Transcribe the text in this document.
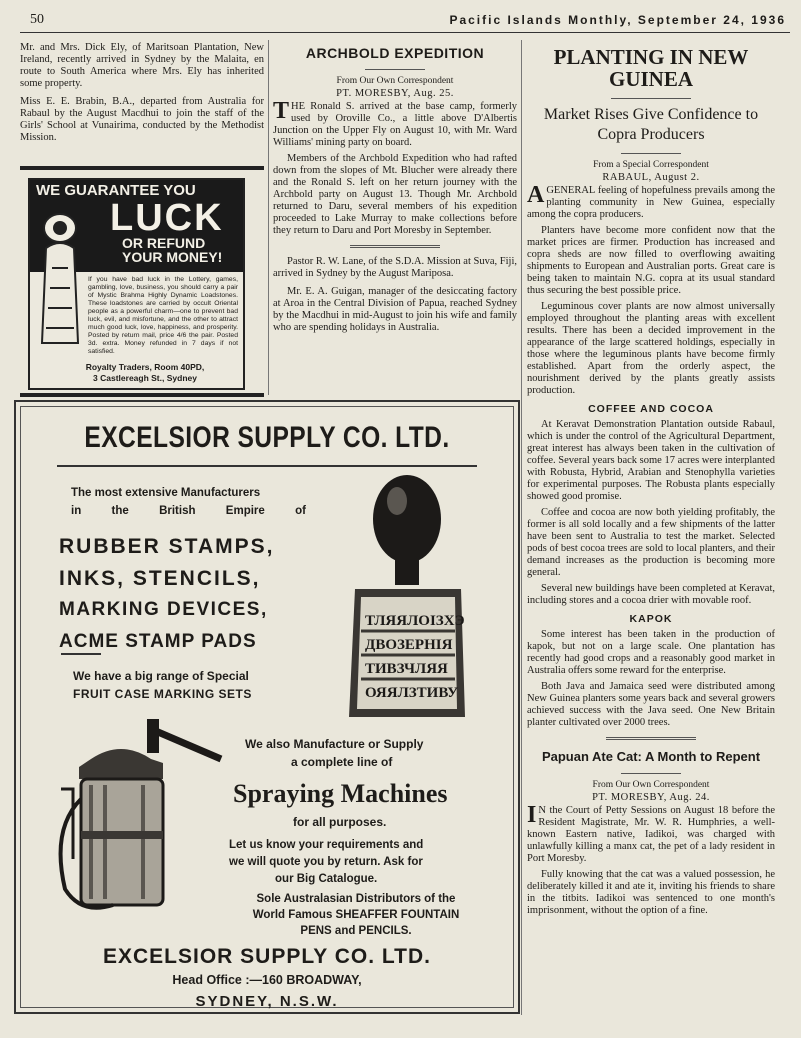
50	Pacific Islands Monthly, September 24, 1936

Mr. and Mrs. Dick Ely, of Maritsoan Plantation, New Ireland, recently arrived in Sydney by the Malaita, en route to South America where Mrs. Ely has inherited some property.

Miss E. E. Brabin, B.A., departed from Australia for Rabaul by the August Macdhui to join the staff of the Girls' School at Vunairima, conducted by the Methodist Mission.

WE GUARANTEE YOU
LUCK
OR REFUND YOUR MONEY!
If you have bad luck in the Lottery, games, gambling, love, business, you should carry a pair of Mystic Brahma Highly Dynamic Loadstones. These loadstones are carried by occult Oriental people as a powerful charm—one to prevent bad luck, evil, and misfortune, and the other to attract much good luck, love, happiness, and prosperity. Posted by return mail, price 4/6 the pair. Posted 3d. extra. Money refunded in 7 days if not satisfied.
Royalty Traders, Room 40PD,
3 Castlereagh St., Sydney
ARCHBOLD EXPEDITION
From Our Own Correspondent
PT. MORESBY, Aug. 25.

THE Ronald S. arrived at the base camp, formerly used by Oroville Co., a little above D'Albertis Junction on the Upper Fly on August 10, with Mr. Ward Williams' mining party on board.

Members of the Archbold Expedition who had rafted down from the slopes of Mt. Blucher were already there and the Ronald S. left on her return journey with the Archbold party on August 13. Though Mr. Archbold returned to Daru, several members of his expedition proceeded to Lake Murray to make collections before they return to Daru and Port Moresby in September.

Pastor R. W. Lane, of the S.D.A. Mission at Suva, Fiji, arrived in Sydney by the August Mariposa.

Mr. E. A. Guigan, manager of the desiccating factory at Aroa in the Central Division of Papua, reached Sydney by the Macdhui in mid-August to join his wife and family who are spending holidays in Australia.

EXCELSIOR SUPPLY CO. LTD.
The most extensive Manufacturers
in	the	British	Empire	of
RUBBER STAMPS,
INKS, STENCILS,
MARKING DEVICES,
ACME STAMP PADS
We have a big range of Special
FRUIT CASE MARKING SETS
ТЛЯЯЛОІЗХЭ
ДВОЗЕРНІЯ
ТИВЗЧЛЯЯ
ОЯЯЛЗТИВУ
We also Manufacture or Supply
a complete line of
Spraying Machines
for all purposes.
Let us know your requirements and
we will quote you by return. Ask for
our Big Catalogue.
Sole Australasian Distributors of the
World Famous SHEAFFER FOUNTAIN
PENS and PENCILS.
EXCELSIOR SUPPLY CO. LTD.
Head Office :—160 BROADWAY,
SYDNEY, N.S.W.
PLANTING IN NEW GUINEA
Market Rises Give Confidence to Copra Producers
From a Special Correspondent
RABAUL, August 2.

AGENERAL feeling of hopefulness prevails among the planting community in New Guinea, especially among the copra producers.

Planters have become more confident now that the market prices are firmer. Production has increased and copra sheds are now filled to overflowing awaiting shipments to European and Australian ports. Great care is being taken to maintain N.G. copra at its usual standard thus securing the best possible price.

Leguminous cover plants are now almost universally employed throughout the planting areas with excellent results. There has been a decided improvement in the appearance of the large scattered holdings, especially in those where the leguminous plants have become firmly established. Apart from the orderly aspect, the nourishment derived by the plants greatly assists production.

COFFEE AND COCOA

At Keravat Demonstration Plantation outside Rabaul, which is under the control of the Agricultural Department, great interest has always been taken in the cultivation of coffee. Several years back some 17 acres were interplanted with Robusta, Hybrid, Arabian and Stenophylla varieties for experimental purposes. The Robusta plants especially showed good promise.

Coffee and cocoa are now both yielding profitably, the former is all sold locally and a few shipments of the latter have been sent to Australia to test the market. Selected pods of best cocoa trees are sold to local planters, and their demand increases as the production is becoming more general.

Several new buildings have been completed at Keravat, including stores and a cocoa drier with movable roof.

KAPOK

Some interest has been taken in the production of kapok, but not on a large scale. One plantation has recently had good crops and a reasonably good market in Australia offers some reward for the enterprise.

Both Java and Jamaica seed were distributed among New Guinea planters some years back and several growers achieved success with the Java seed. One New Britain planter cultivated over 2000 trees.

Papuan Ate Cat: A Month to Repent
From Our Own Correspondent
PT. MORESBY, Aug. 24.

I N the Court of Petty Sessions on August 18 before the Resident Magistrate, Mr. W. R. Humphries, a well-known Eastern native, Iadikoi, was charged with unlawfully killing a manx cat, the pet of a lady resident in Port Moresby.

Fully knowing that the cat was a valued possession, he deliberately killed it and ate it, inviting his friends to share in the titbits. Iadikoi was sentenced to one month's imprisonment, without the option of a fine.
